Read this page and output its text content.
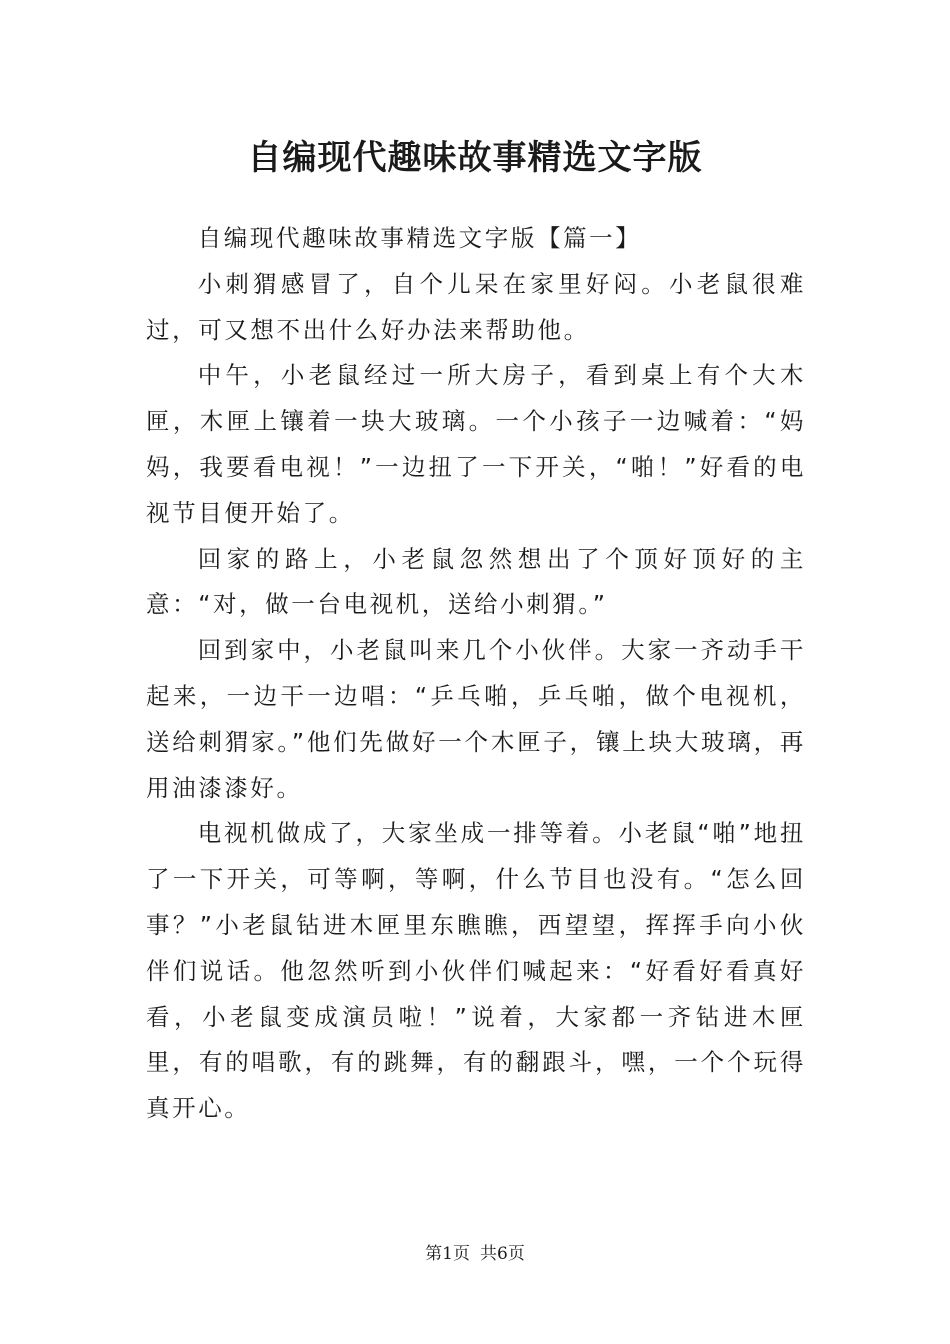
自编现代趣味故事精选文字版

自编现代趣味故事精选文字版【篇一】

小刺猬感冒了，自个儿呆在家里好闷。小老鼠很难过，可又想不出什么好办法来帮助他。

中午，小老鼠经过一所大房子，看到桌上有个大木匣，木匣上镶着一块大玻璃。一个小孩子一边喊着：“妈妈，我要看电视！”一边扭了一下开关，“啪！”好看的电视节目便开始了。

回家的路上，小老鼠忽然想出了个顶好顶好的主意：“对，做一台电视机，送给小刺猬。”

回到家中，小老鼠叫来几个小伙伴。大家一齐动手干起来，一边干一边唱：“乒乓啪，乒乓啪，做个电视机，送给刺猬家。”他们先做好一个木匣子，镶上块大玻璃，再用油漆漆好。

电视机做成了，大家坐成一排等着。小老鼠“啪”地扭了一下开关，可等啊，等啊，什么节目也没有。“怎么回事？”小老鼠钻进木匣里东瞧瞧，西望望，挥挥手向小伙伴们说话。他忽然听到小伙伴们喊起来：“好看好看真好看，小老鼠变成演员啦！”说着，大家都一齐钻进木匣里，有的唱歌，有的跳舞，有的翻跟斗，嘿，一个个玩得真开心。

第1页 共6页
